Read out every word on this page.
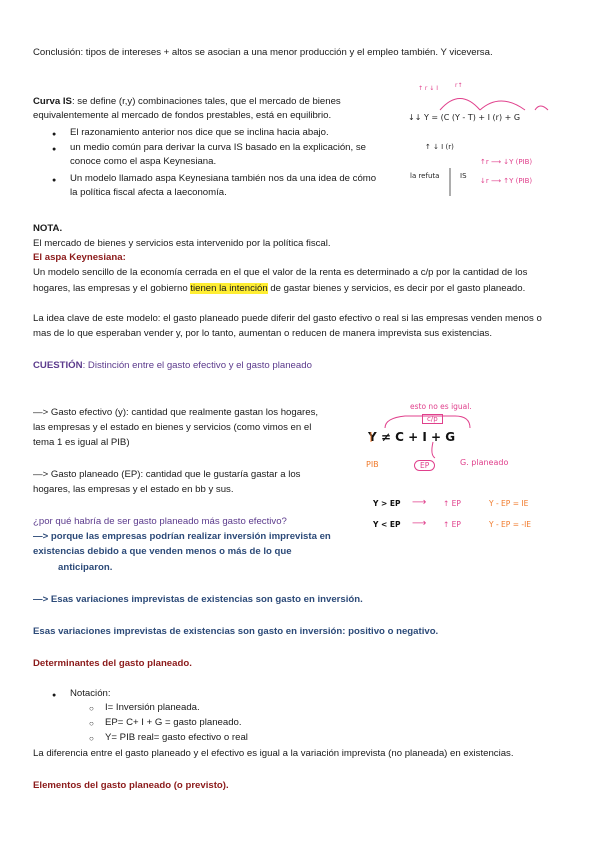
Conclusión: tipos de intereses + altos se asocian a una menor producción y el empleo también. Y viceversa.
Curva IS: se define (r,y) combinaciones tales, que el mercado de bienes
equivalentemente al mercado de fondos prestables, está en equilibrio.
● El razonamiento anterior nos dice que se inclina hacia abajo.
● un medio común para derivar la curva IS basado en la explicación, se
conoce como el aspa Keynesiana.
● Un modelo llamado aspa Keynesiana también nos da una idea de cómo
la política fiscal afecta a laeconomía.
↑ r ↓ I	r↑
↓↓ Y = (C (Y - T) + I (r) + G
↑ ↓ I (r)
la refuta	IS
↑r ⟶ ↓Y (PIB)
↓r ⟶ ↑Y (PIB)
NOTA.
El mercado de bienes y servicios esta intervenido por la política fiscal.
El aspa Keynesiana:
Un modelo sencillo de la economía cerrada en el que el valor de la renta es determinado a c/p por la cantidad de los
hogares, las empresas y el gobierno tienen la intención de gastar bienes y servicios, es decir por el gasto planeado.
La idea clave de este modelo: el gasto planeado puede diferir del gasto efectivo o real si las empresas venden menos o
mas de lo que esperaban vender y, por lo tanto, aumentan o reducen de manera imprevista sus existencias.
CUESTIÓN: Distinción entre el gasto efectivo y el gasto planeado
—> Gasto efectivo (y): cantidad que realmente gastan los hogares,
las empresas y el estado en bienes y servicios (como vimos en el
tema 1 es igual al PIB)
—> Gasto planeado (EP): cantidad que le gustaría gastar a los
hogares, las empresas y el estado en bb y sus.
esto no es igual.
c/p
Y ≠ C + I + G
PIB	EP	G. planeado
Y > EP ⟶ ↑ EP	Y - EP = IE
Y < EP ⟶ ↑ EP	Y - EP = -IE
¿por qué habría de ser gasto planeado más gasto efectivo?
—> porque las empresas podrían realizar inversión imprevista en
existencias debido a que venden menos o más de lo que
anticiparon.
—> Esas variaciones imprevistas de existencias son gasto en inversión.
Esas variaciones imprevistas de existencias son gasto en inversión: positivo o negativo.
Determinantes del gasto planeado.
● Notación:
○ I= Inversión planeada.
○ EP= C+ I + G = gasto planeado.
○ Y= PIB real= gasto efectivo o real
La diferencia entre el gasto planeado y el efectivo es igual a la variación imprevista (no planeada) en existencias.
Elementos del gasto planeado (o previsto).
